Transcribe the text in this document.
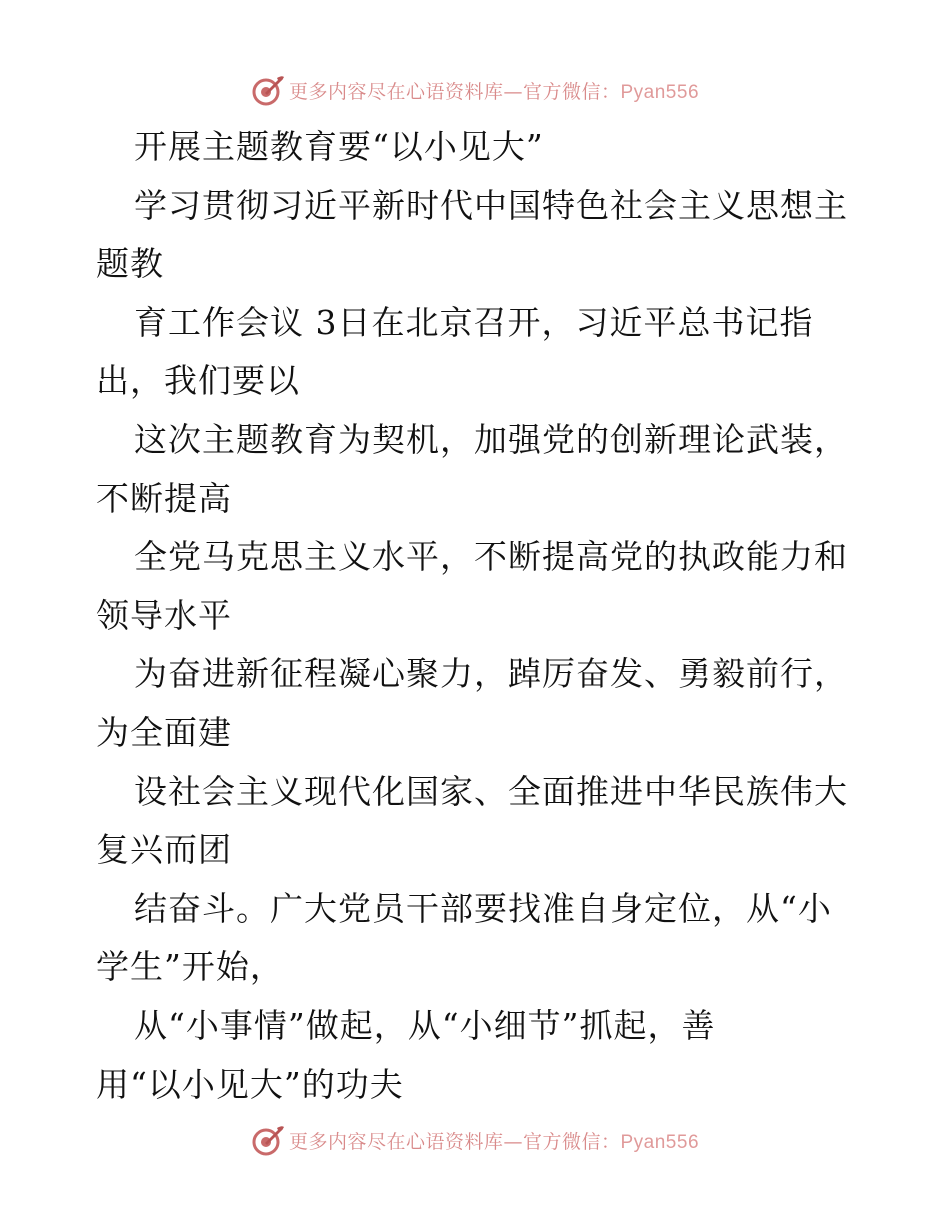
更多内容尽在心语资料库—官方微信：Pyan556
开展主题教育要“以小见大”
学习贯彻习近平新时代中国特色社会主义思想主
题教
育工作会议 3日在北京召开，习近平总书记指
出，我们要以
这次主题教育为契机，加强党的创新理论武装，
不断提高
全党马克思主义水平，不断提高党的执政能力和
领导水平
为奋进新征程凝心聚力，踔厉奋发、勇毅前行，
为全面建
设社会主义现代化国家、全面推进中华民族伟大
复兴而团
结奋斗。广大党员干部要找准自身定位，从“小
学生”开始，
从“小事情”做起，从“小细节”抓起，善
用“以小见大”的功夫
更多内容尽在心语资料库—官方微信：Pyan556
